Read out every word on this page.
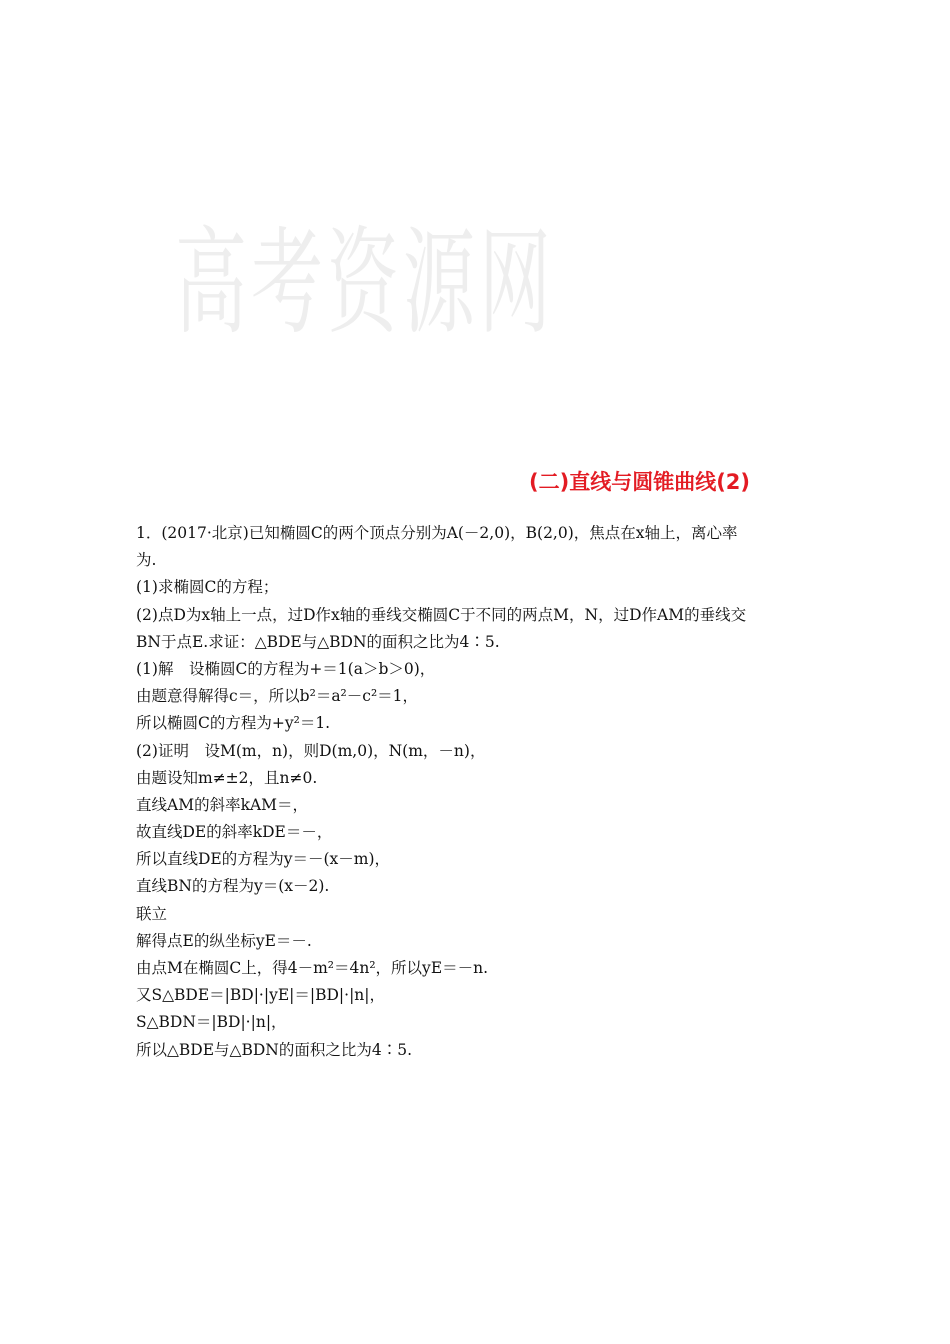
高考资源网
(二)直线与圆锥曲线(2)
1．(2017·北京)已知椭圆C的两个顶点分别为A(－2,0)，B(2,0)，焦点在x轴上，离心率
为.
(1)求椭圆C的方程；
(2)点D为x轴上一点，过D作x轴的垂线交椭圆C于不同的两点M，N，过D作AM的垂线交
BN于点E.求证：△BDE与△BDN的面积之比为4∶5.
(1)解　设椭圆C的方程为+＝1(a＞b＞0)，
由题意得解得c＝，所以b²＝a²－c²＝1，
所以椭圆C的方程为+y²＝1.
(2)证明　设M(m，n)，则D(m,0)，N(m，－n)，
由题设知m≠±2，且n≠0.
直线AM的斜率kAM＝，
故直线DE的斜率kDE＝－，
所以直线DE的方程为y＝－(x－m)，
直线BN的方程为y＝(x－2).
联立
解得点E的纵坐标yE＝－.
由点M在椭圆C上，得4－m²＝4n²，所以yE＝－n.
又S△BDE＝|BD|·|yE|＝|BD|·|n|，
S△BDN＝|BD|·|n|，
所以△BDE与△BDN的面积之比为4∶5.
